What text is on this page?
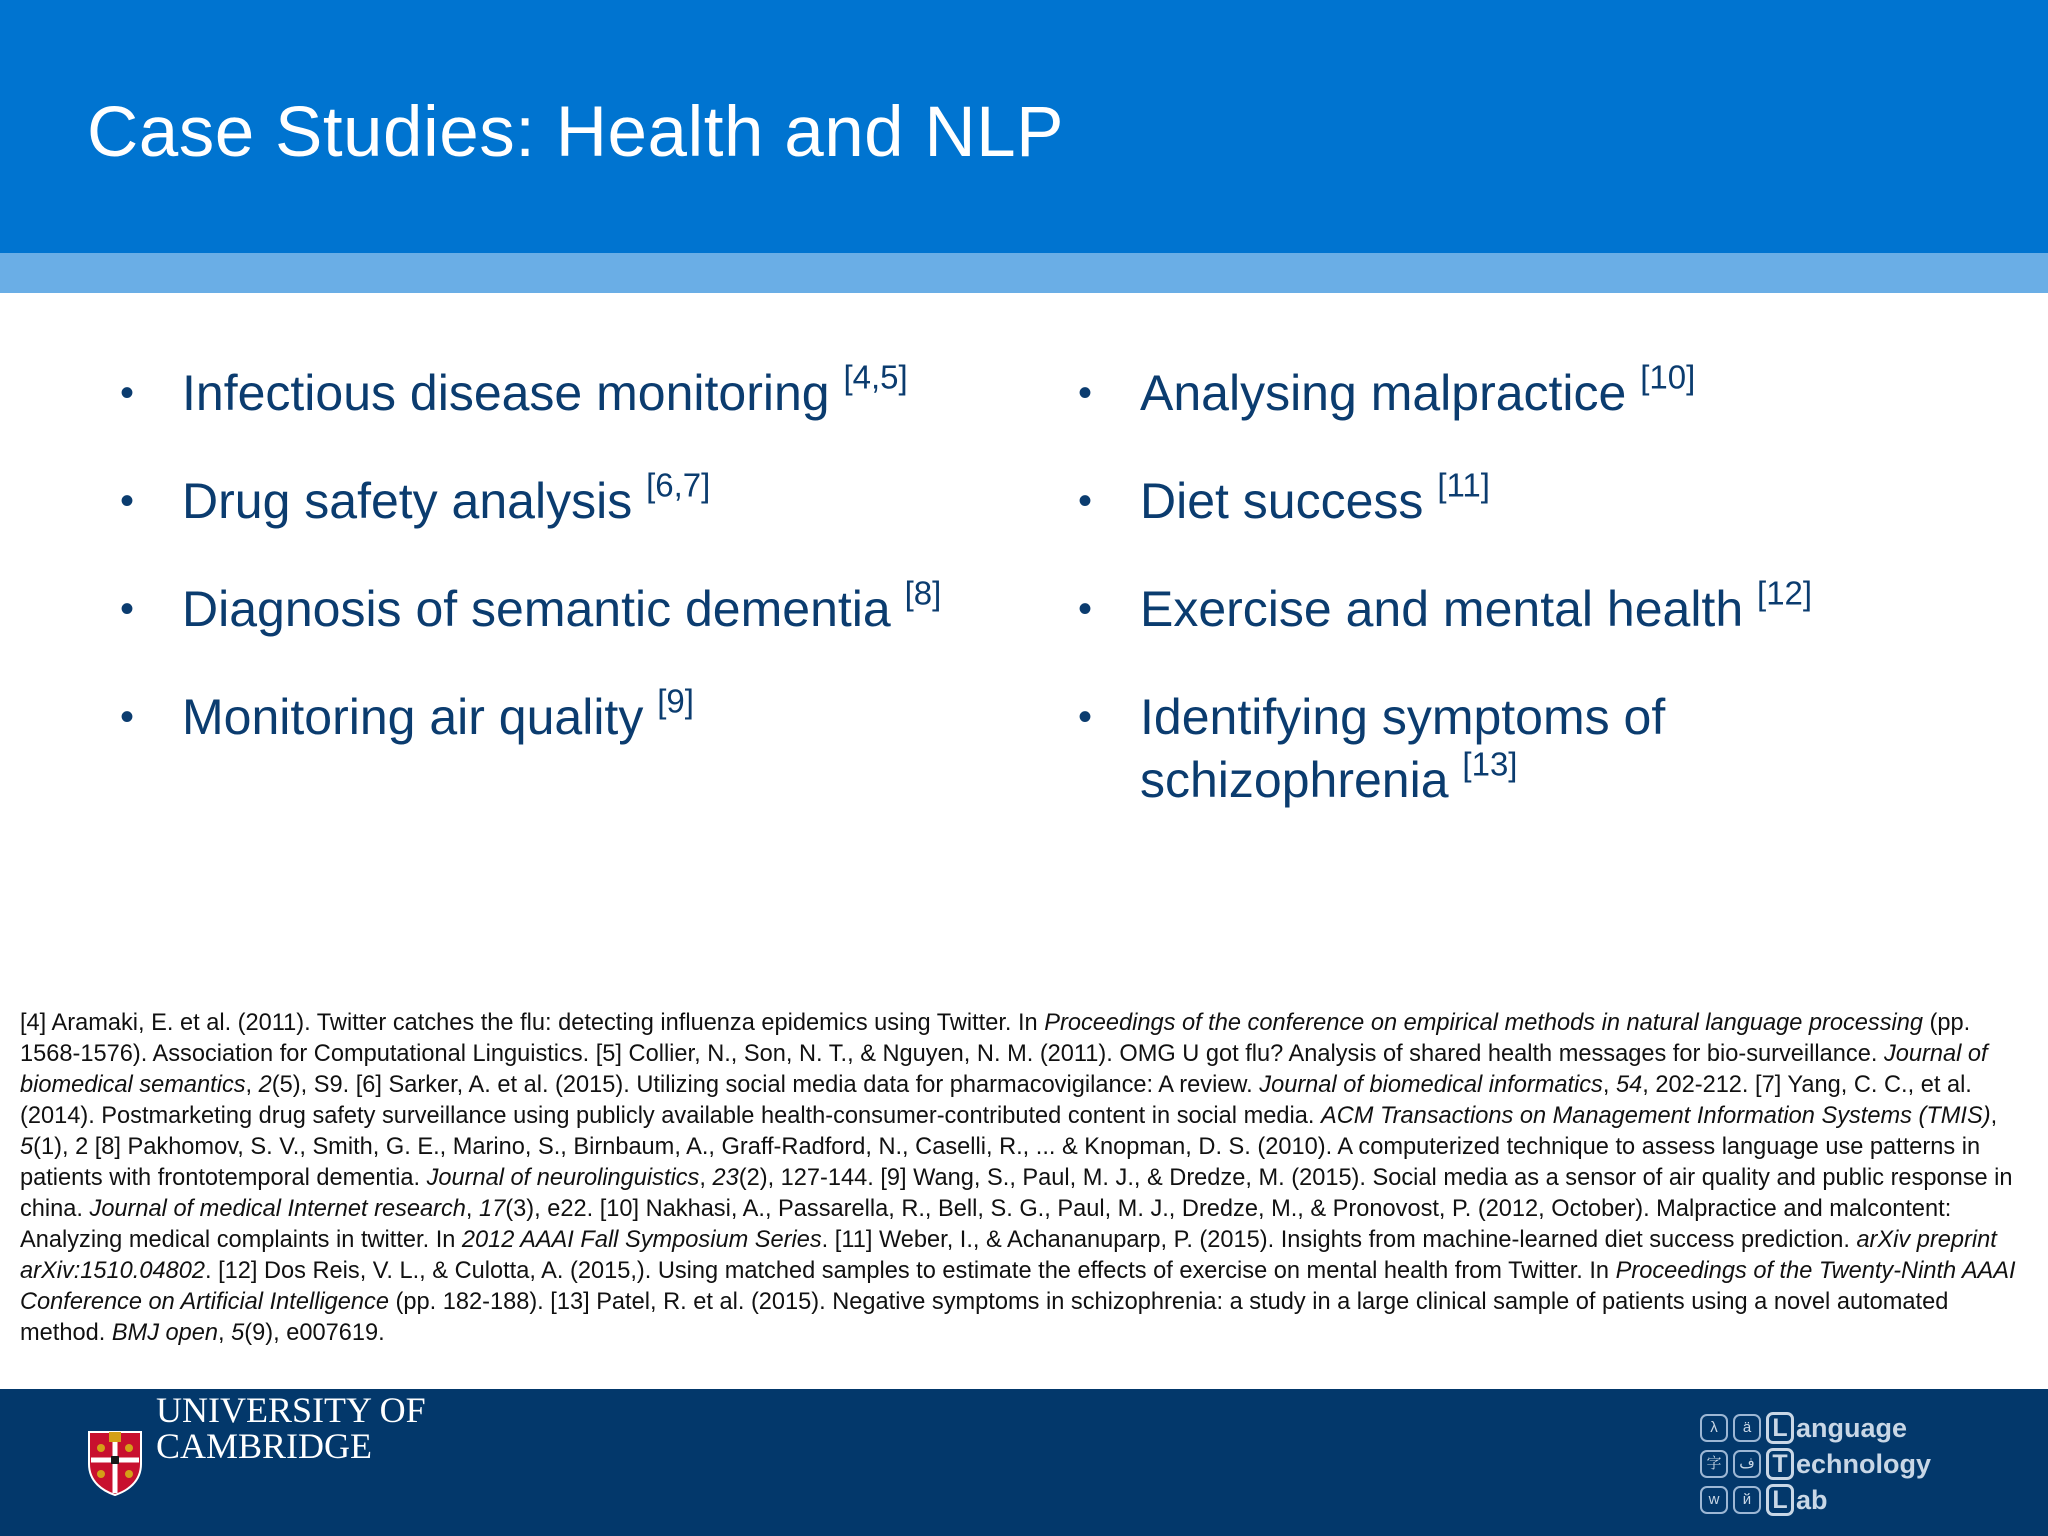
Case Studies: Health and NLP
• Infectious disease monitoring [4,5]
• Drug safety analysis [6,7]
• Diagnosis of semantic dementia [8]
• Monitoring air quality [9]
• Analysing malpractice [10]
• Diet success [11]
• Exercise and mental health [12]
• Identifying symptoms of
schizophrenia [13]
[4] Aramaki, E. et al. (2011). Twitter catches the flu: detecting influenza epidemics using Twitter. In Proceedings of the conference on empirical methods in natural language processing (pp. 1568-1576). Association for Computational Linguistics. [5] Collier, N., Son, N. T., & Nguyen, N. M. (2011). OMG U got flu? Analysis of shared health messages for bio-surveillance. Journal of biomedical semantics, 2(5), S9. [6] Sarker, A. et al. (2015). Utilizing social media data for pharmacovigilance: A review. Journal of biomedical informatics, 54, 202-212. [7] Yang, C. C., et al. (2014). Postmarketing drug safety surveillance using publicly available health-consumer-contributed content in social media. ACM Transactions on Management Information Systems (TMIS), 5(1), 2 [8] Pakhomov, S. V., Smith, G. E., Marino, S., Birnbaum, A., Graff-Radford, N., Caselli, R., ... & Knopman, D. S. (2010). A computerized technique to assess language use patterns in patients with frontotemporal dementia. Journal of neurolinguistics, 23(2), 127-144. [9] Wang, S., Paul, M. J., & Dredze, M. (2015). Social media as a sensor of air quality and public response in china. Journal of medical Internet research, 17(3), e22. [10] Nakhasi, A., Passarella, R., Bell, S. G., Paul, M. J., Dredze, M., & Pronovost, P. (2012, October). Malpractice and malcontent: Analyzing medical complaints in twitter. In 2012 AAAI Fall Symposium Series. [11] Weber, I., & Achananuparp, P. (2015). Insights from machine-learned diet success prediction. arXiv preprint arXiv:1510.04802. [12] Dos Reis, V. L., & Culotta, A. (2015,). Using matched samples to estimate the effects of exercise on mental health from Twitter. In Proceedings of the Twenty-Ninth AAAI Conference on Artificial Intelligence (pp. 182-188). [13] Patel, R. et al. (2015). Negative symptoms in schizophrenia: a study in a large clinical sample of patients using a novel automated method. BMJ open, 5(9), e007619.
UNIVERSITY OF
CAMBRIDGE	λ	ä L anguage
字	ف T echnology
w	й L ab
